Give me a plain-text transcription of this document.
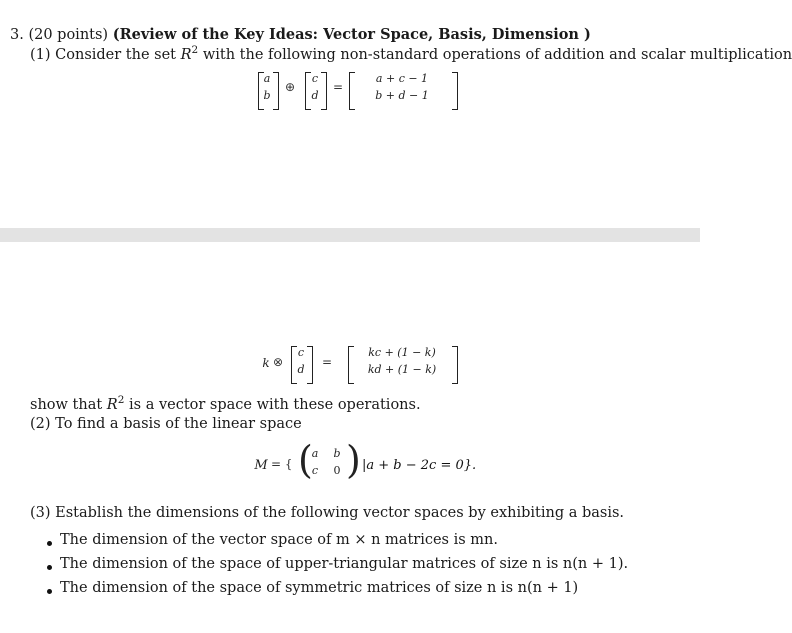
3. (20 points) (Review of the Key Ideas: Vector Space, Basis, Dimension )
(1) Consider the set $R^2$ with the following non-standard operations of addition and scalar multiplication
a
b
⊕
c
d
=
a + c − 1
b + d − 1
k ⊗
c
d
=
kc + (1 − k)
kd + (1 − k)
show that $R^2$ is a vector space with these operations.
(2) To find a basis of the linear space
M = { (
a b
c 0 ) |a + b − 2c = 0}.
(3) Establish the dimensions of the following vector spaces by exhibiting a basis.
The dimension of the vector space of m × n matrices is mn.
The dimension of the space of upper-triangular matrices of size n is n(n + 1).
The dimension of the space of symmetric matrices of size n is n(n + 1)
